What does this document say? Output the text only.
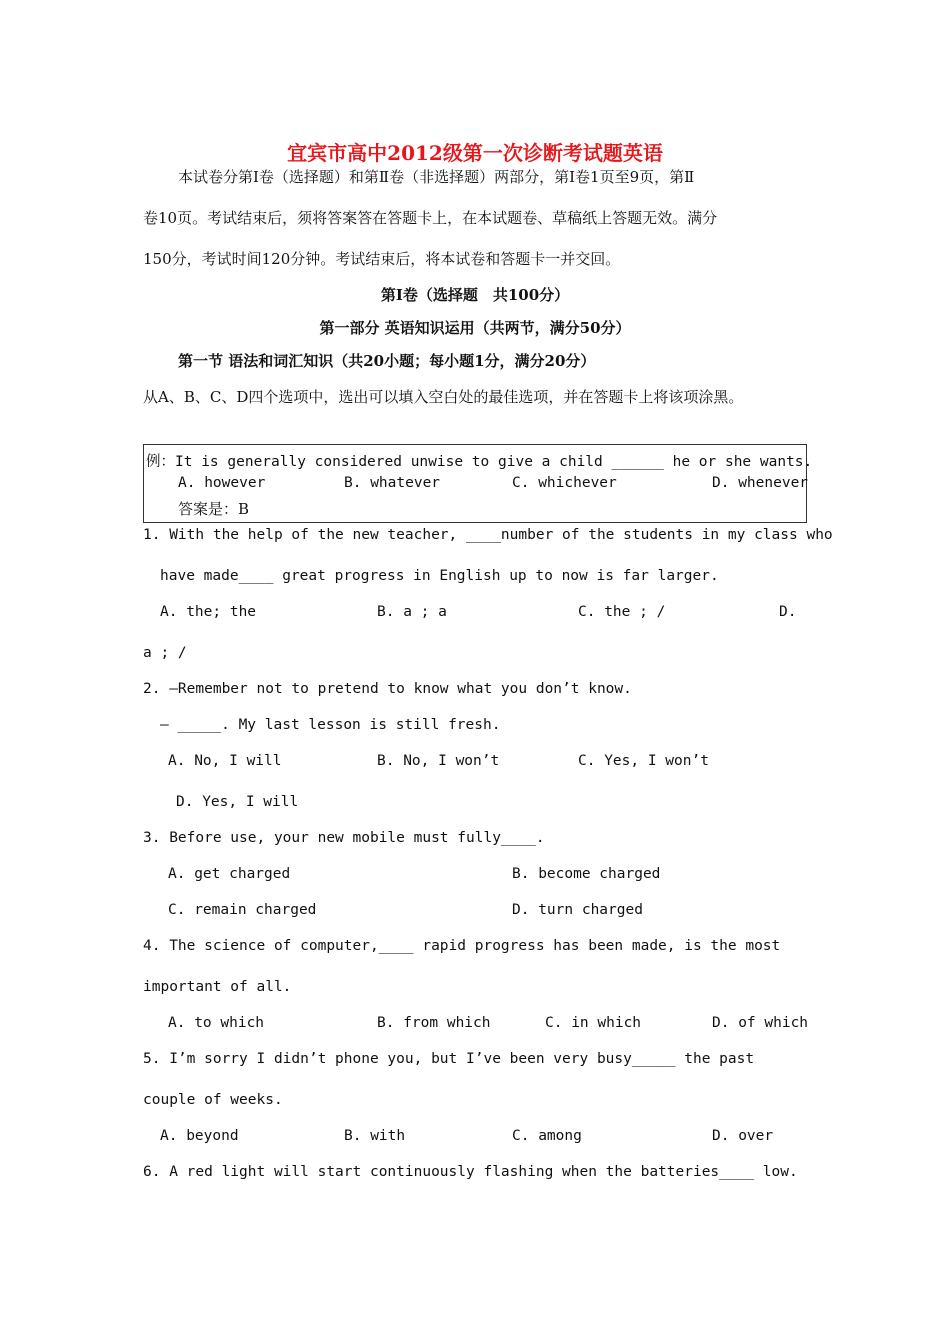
宜宾市高中2012级第一次诊断考试题英语
本试卷分第Ⅰ卷（选择题）和第Ⅱ卷（非选择题）两部分，第Ⅰ卷1页至9页，第Ⅱ
卷10页。考试结束后，须将答案答在答题卡上，在本试题卷、草稿纸上答题无效。满分
150分，考试时间120分钟。考试结束后，将本试卷和答题卡一并交回。
第Ⅰ卷（选择题　共100分）
第一部分 英语知识运用（共两节，满分50分）
第一节 语法和词汇知识（共20小题；每小题1分，满分20分）
从A、B、C、D四个选项中，选出可以填入空白处的最佳选项，并在答题卡上将该项涂黑。
例：It is generally considered unwise to give a child ______ he or she wants.
A. however	B. whatever	C. whichever	D. whenever
答案是：B
1. With the help of the new teacher, ____number of the students in my class who
have made____ great progress in English up to now is far larger.
A. the; the	B. a ; a	C. the ; /	D.
a ; /
2. —Remember not to pretend to know what you don’t know.
— _____. My last lesson is still fresh.
A. No, I will	B. No, I won’t	C. Yes, I won’t
D. Yes, I will
3. Before use, your new mobile must fully____.
A. get charged	B. become charged
C. remain charged	D. turn charged
4. The science of computer,____ rapid progress has been made, is the most
important of all.
A. to which	B. from which	C. in which	D. of which
5. I’m sorry I didn’t phone you, but I’ve been very busy_____ the past
couple of weeks.
A. beyond	B. with	C. among	D. over
6. A red light will start continuously flashing when the batteries____ low.
